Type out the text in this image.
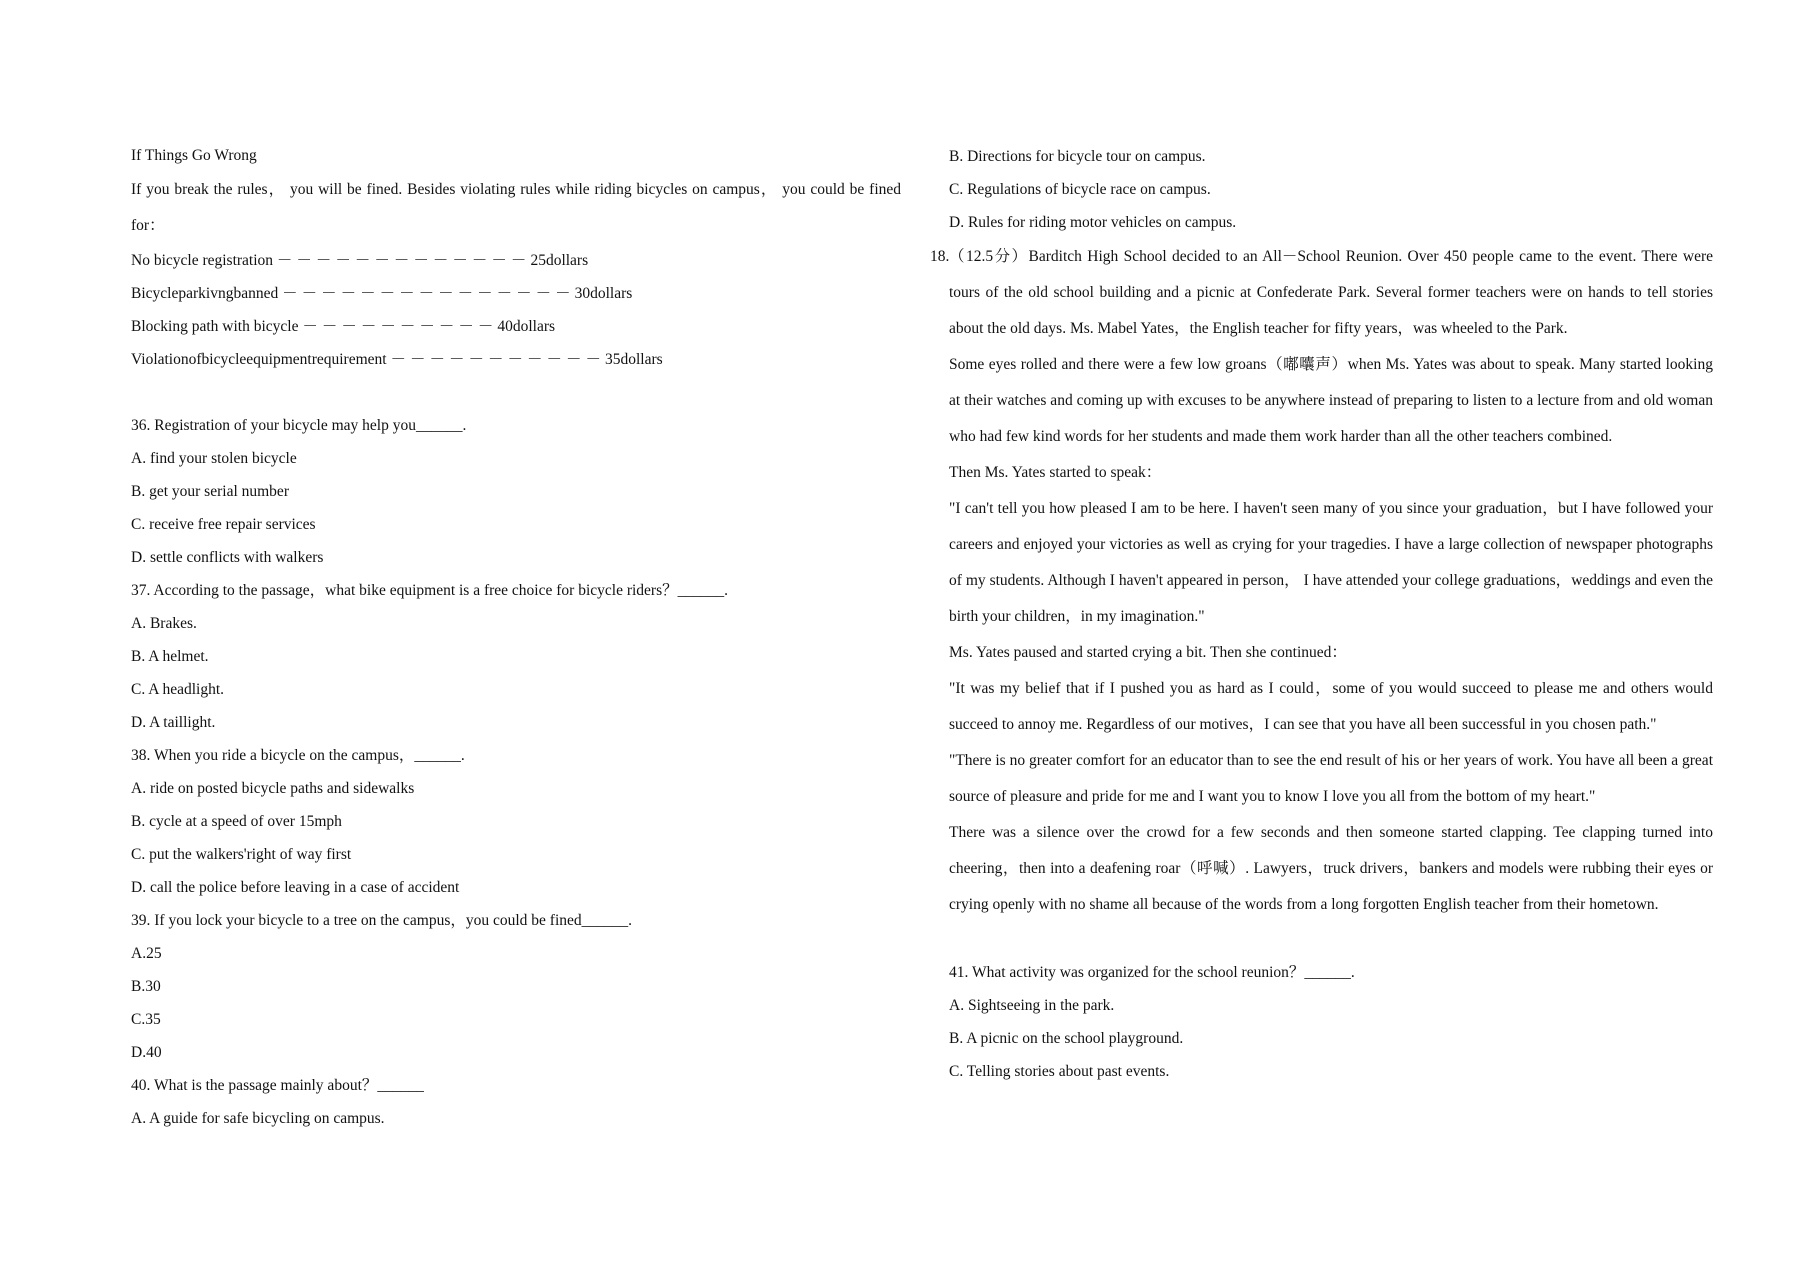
If Things Go Wrong

If you break the rules， you will be fined. Besides violating rules while riding bicycles on campus， you could be fined for：

No bicycle registration －－－－－－－－－－－－－25dollars

Bicycleparkivngbanned －－－－－－－－－－－－－－－30dollars

Blocking path with bicycle －－－－－－－－－－40dollars

Violationofbicycleequipmentrequirement －－－－－－－－－－－35dollars

36. Registration of your bicycle may help you______.

A. find your stolen bicycle

B. get your serial number

C. receive free repair services

D. settle conflicts with walkers

37. According to the passage，what bike equipment is a free choice for bicycle riders？______.

A. Brakes.

B. A helmet.

C. A headlight.

D. A taillight.

38. When you ride a bicycle on the campus，______.

A. ride on posted bicycle paths and sidewalks

B. cycle at a speed of over 15mph

C. put the walkers'right of way first

D. call the police before leaving in a case of accident

39. If you lock your bicycle to a tree on the campus，you could be fined______.

A.25

B.30

C.35

D.40

40. What is the passage mainly about？______

A. A guide for safe bicycling on campus.

B. Directions for bicycle tour on campus.

C. Regulations of bicycle race on campus.

D. Rules for riding motor vehicles on campus.

18. （12.5分）Barditch High School decided to an All－School Reunion. Over 450 people came to the event. There were tours of the old school building and a picnic at Confederate Park. Several former teachers were on hands to tell stories about the old days. Ms. Mabel Yates，the English teacher for fifty years，was wheeled to the Park.

Some eyes rolled and there were a few low groans（嘟囔声）when Ms. Yates was about to speak. Many started looking at their watches and coming up with excuses to be anywhere instead of preparing to listen to a lecture from and old woman who had few kind words for her students and made them work harder than all the other teachers combined.

Then Ms. Yates started to speak：

"I can't tell you how pleased I am to be here. I haven't seen many of you since your graduation，but I have followed your careers and enjoyed your victories as well as crying for your tragedies. I have a large collection of newspaper photographs of my students. Although I haven't appeared in person， I have attended your college graduations，weddings and even the birth your children，in my imagination."

Ms. Yates paused and started crying a bit. Then she continued：

"It was my belief that if I pushed you as hard as I could，some of you would succeed to please me and others would succeed to annoy me. Regardless of our motives，I can see that you have all been successful in you chosen path."

"There is no greater comfort for an educator than to see the end result of his or her years of work. You have all been a great source of pleasure and pride for me and I want you to know I love you all from the bottom of my heart."

There was a silence over the crowd for a few seconds and then someone started clapping. Tee clapping turned into cheering，then into a deafening roar（呼喊）. Lawyers，truck drivers，bankers and models were rubbing their eyes or crying openly with no shame all because of the words from a long forgotten English teacher from their hometown.

41. What activity was organized for the school reunion？______.

A. Sightseeing in the park.

B. A picnic on the school playground.

C. Telling stories about past events.
